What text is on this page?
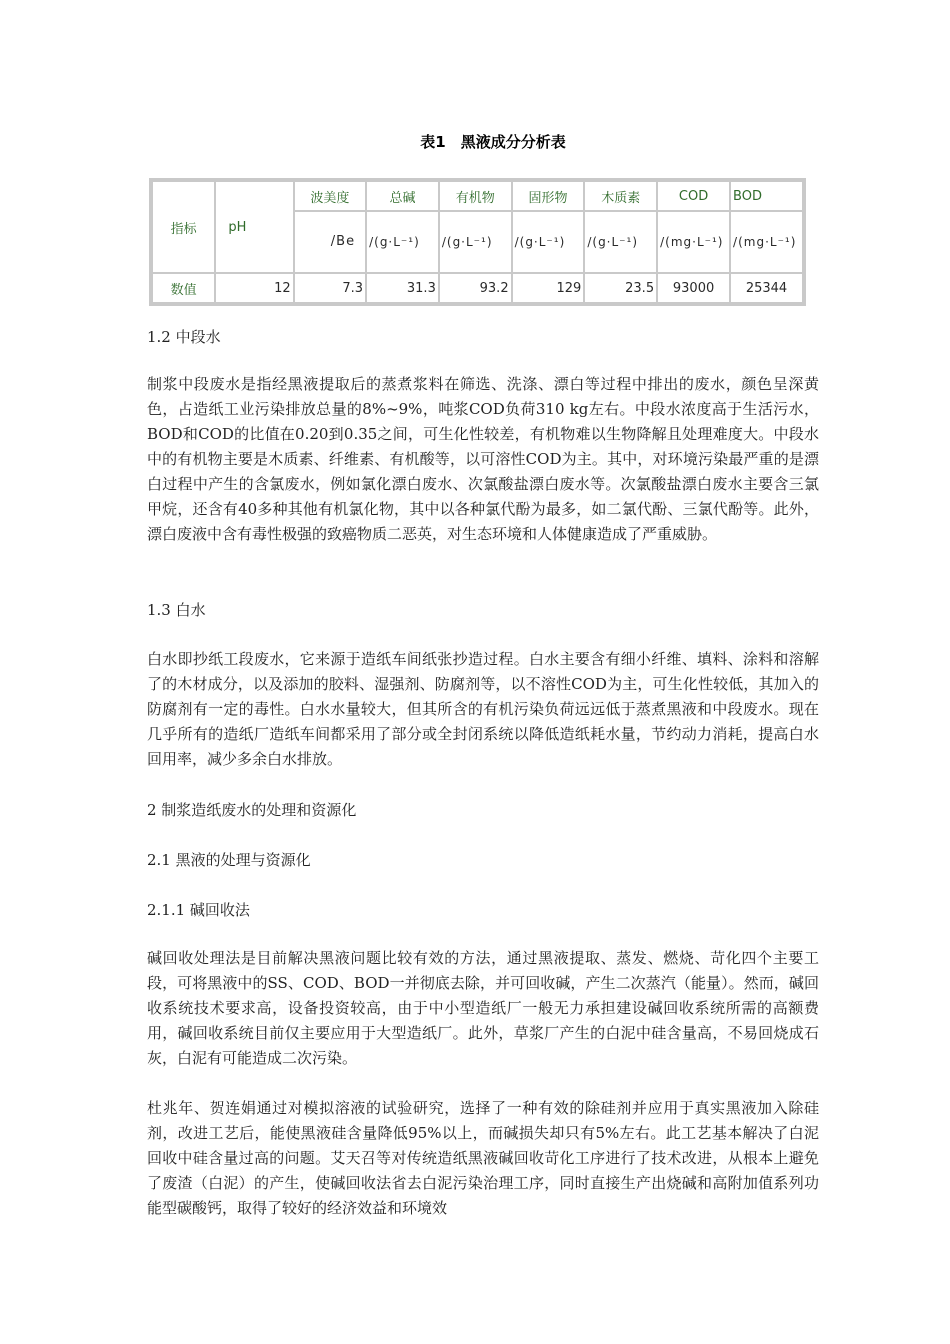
表1　黑液成分分析表
指标	pH	波美度	总碱	有机物	固形物	木质素	COD	BOD
		/Be	/(g·L⁻¹)	/(g·L⁻¹)	/(g·L⁻¹)	/(g·L⁻¹)	/(mg·L⁻¹)	/(mg·L⁻¹)
数值	12	7.3	31.3	93.2	129	23.5	93000	25344

1.2 中段水

制浆中段废水是指经黑液提取后的蒸煮浆料在筛选、洗涤、漂白等过程中排出的废水，颜色呈深黄色，占造纸工业污染排放总量的8%~9%，吨浆COD负荷310 kg左右。中段水浓度高于生活污水，BOD和COD的比值在0.20到0.35之间，可生化性较差，有机物难以生物降解且处理难度大。中段水中的有机物主要是木质素、纤维素、有机酸等，以可溶性COD为主。其中，对环境污染最严重的是漂白过程中产生的含氯废水，例如氯化漂白废水、次氯酸盐漂白废水等。次氯酸盐漂白废水主要含三氯甲烷，还含有40多种其他有机氯化物，其中以各种氯代酚为最多，如二氯代酚、三氯代酚等。此外，漂白废液中含有毒性极强的致癌物质二恶英，对生态环境和人体健康造成了严重威胁。

1.3 白水

白水即抄纸工段废水，它来源于造纸车间纸张抄造过程。白水主要含有细小纤维、填料、涂料和溶解了的木材成分，以及添加的胶料、湿强剂、防腐剂等，以不溶性COD为主，可生化性较低，其加入的防腐剂有一定的毒性。白水水量较大，但其所含的有机污染负荷远远低于蒸煮黑液和中段废水。现在几乎所有的造纸厂造纸车间都采用了部分或全封闭系统以降低造纸耗水量，节约动力消耗，提高白水回用率，减少多余白水排放。

2 制浆造纸废水的处理和资源化

2.1 黑液的处理与资源化

2.1.1 碱回收法

碱回收处理法是目前解决黑液问题比较有效的方法，通过黑液提取、蒸发、燃烧、苛化四个主要工段，可将黑液中的SS、COD、BOD一并彻底去除，并可回收碱，产生二次蒸汽（能量）。然而，碱回收系统技术要求高，设备投资较高，由于中小型造纸厂一般无力承担建设碱回收系统所需的高额费用，碱回收系统目前仅主要应用于大型造纸厂。此外，草浆厂产生的白泥中硅含量高，不易回烧成石灰，白泥有可能造成二次污染。

杜兆年、贺连娟通过对模拟溶液的试验研究，选择了一种有效的除硅剂并应用于真实黑液加入除硅剂，改进工艺后，能使黑液硅含量降低95%以上，而碱损失却只有5%左右。此工艺基本解决了白泥回收中硅含量过高的问题。艾天召等对传统造纸黑液碱回收苛化工序进行了技术改进，从根本上避免了废渣（白泥）的产生，使碱回收法省去白泥污染治理工序，同时直接生产出烧碱和高附加值系列功能型碳酸钙，取得了较好的经济效益和环境效
